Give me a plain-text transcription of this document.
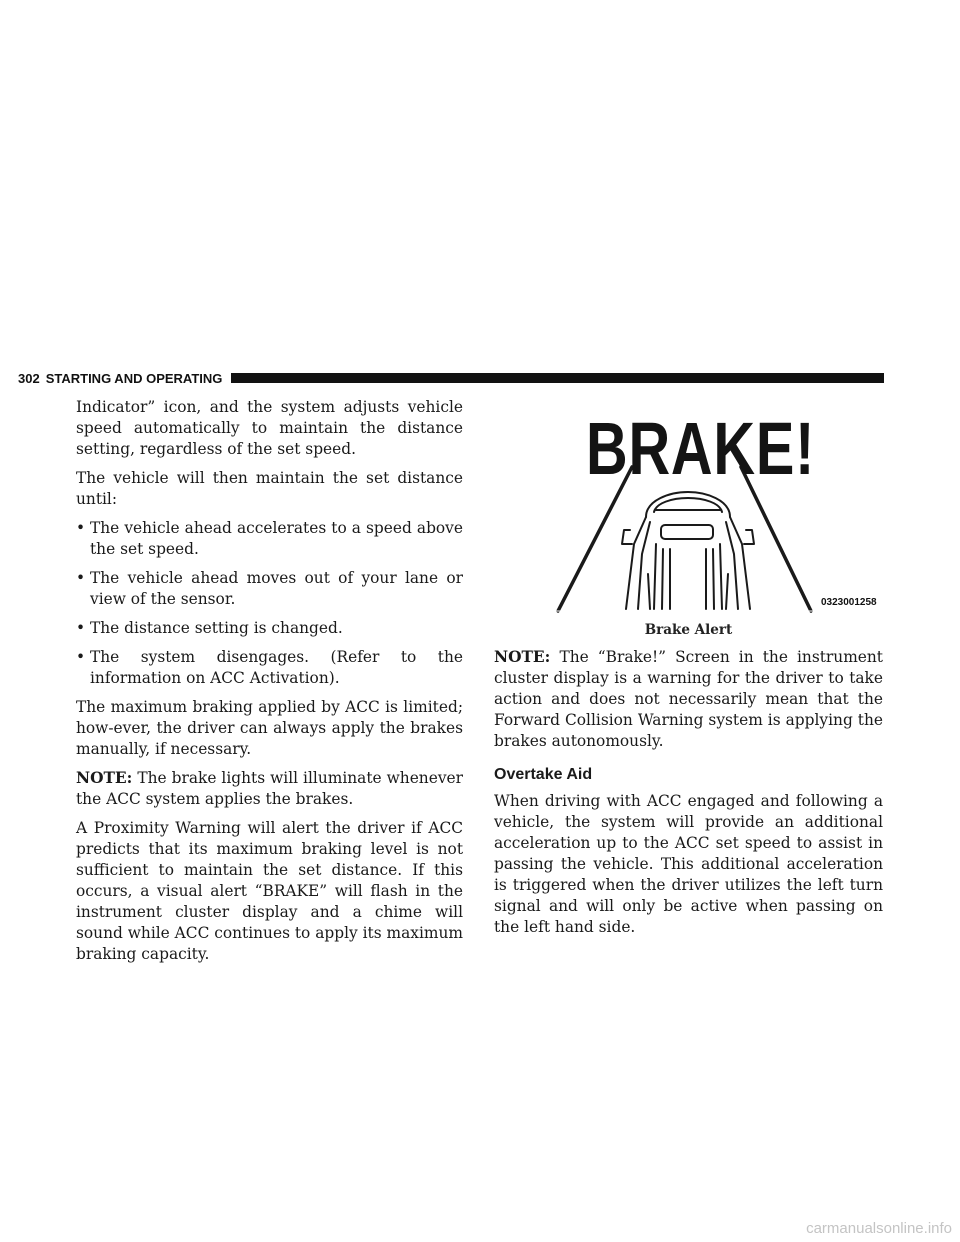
302 STARTING AND OPERATING

Indicator” icon, and the system adjusts vehicle speed automatically to maintain the distance setting, regardless of the set speed.

The vehicle will then maintain the set distance until:

• The vehicle ahead accelerates to a speed above the set speed.
• The vehicle ahead moves out of your lane or view of the sensor.
• The distance setting is changed.
• The system disengages. (Refer to the information on ACC Activation).

The maximum braking applied by ACC is limited; how-ever, the driver can always apply the brakes manually, if necessary.

NOTE: The brake lights will illuminate whenever the ACC system applies the brakes.

A Proximity Warning will alert the driver if ACC predicts that its maximum braking level is not sufficient to maintain the set distance. If this occurs, a visual alert “BRAKE” will flash in the instrument cluster display and a chime will sound while ACC continues to apply its maximum braking capacity.

BRAKE!
0323001258
Brake Alert

NOTE: The “Brake!” Screen in the instrument cluster display is a warning for the driver to take action and does not necessarily mean that the Forward Collision Warning system is applying the brakes autonomously.

Overtake Aid

When driving with ACC engaged and following a vehicle, the system will provide an additional acceleration up to the ACC set speed to assist in passing the vehicle. This additional acceleration is triggered when the driver utilizes the left turn signal and will only be active when passing on the left hand side.

carmanualsonline.info
